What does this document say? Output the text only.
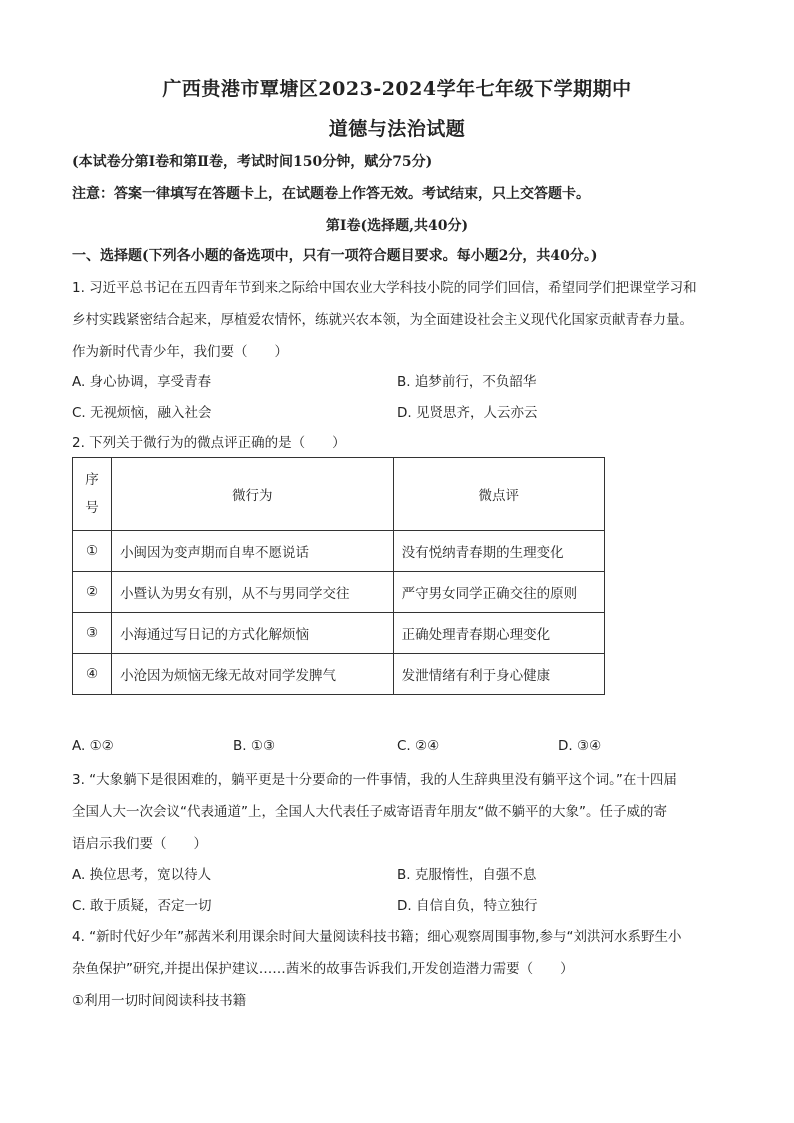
广西贵港市覃塘区2023-2024学年七年级下学期期中
道德与法治试题
(本试卷分第Ⅰ卷和第Ⅱ卷，考试时间150分钟，赋分75分)
注意：答案一律填写在答题卡上，在试题卷上作答无效。考试结束，只上交答题卡。
第Ⅰ卷(选择题,共40分)
一、选择题(下列各小题的备选项中，只有一项符合题目要求。每小题2分，共40分。)
1. 习近平总书记在五四青年节到来之际给中国农业大学科技小院的同学们回信，希望同学们把课堂学习和
乡村实践紧密结合起来，厚植爱农情怀，练就兴农本领，为全面建设社会主义现代化国家贡献青春力量。
作为新时代青少年，我们要（　　）
A. 身心协调，享受青春	B. 追梦前行，不负韶华
C. 无视烦恼，融入社会	D. 见贤思齐，人云亦云
2. 下列关于微行为的微点评正确的是（　　）
序
号	微行为	微点评
①	小闽因为变声期而自卑不愿说话	没有悦纳青春期的生理变化
②	小暨认为男女有别，从不与男同学交往	严守男女同学正确交往的原则
③	小海通过写日记的方式化解烦恼	正确处理青春期心理变化
④	小沧因为烦恼无缘无故对同学发脾气	发泄情绪有利于身心健康
A. ①②	B. ①③	C. ②④	D. ③④
3. “大象躺下是很困难的，躺平更是十分要命的一件事情，我的人生辞典里没有躺平这个词。”在十四届
全国人大一次会议“代表通道”上，全国人大代表任子威寄语青年朋友“做不躺平的大象”。任子威的寄
语启示我们要（　　）
A. 换位思考，宽以待人	B. 克服惰性，自强不息
C. 敢于质疑，否定一切	D. 自信自负，特立独行
4. “新时代好少年”郝茜米利用课余时间大量阅读科技书籍；细心观察周围事物,参与“刘洪河水系野生小
杂鱼保护”研究,并提出保护建议……茜米的故事告诉我们,开发创造潜力需要（　　）
①利用一切时间阅读科技书籍
